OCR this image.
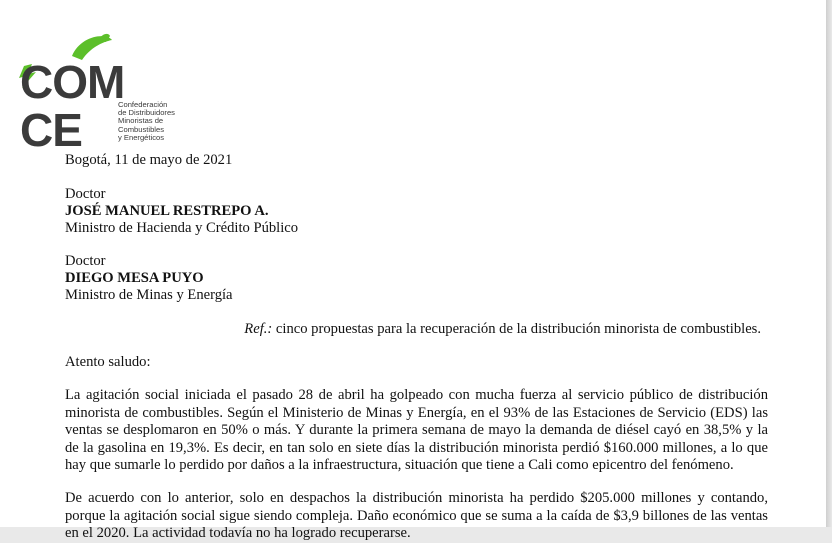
COM
CE	Confederación
de Distribuidores
Minoristas de
Combustibles
y Energéticos
Bogotá, 11 de mayo de 2021
Doctor
JOSÉ MANUEL RESTREPO A.
Ministro de Hacienda y Crédito Público
Doctor
DIEGO MESA PUYO
Ministro de Minas y Energía
Ref.: cinco propuestas para la recuperación de la distribución minorista de combustibles.
Atento saludo:
La agitación social iniciada el pasado 28 de abril ha golpeado con mucha fuerza al servicio público de distribución minorista de combustibles. Según el Ministerio de Minas y Energía, en el 93% de las Estaciones de Servicio (EDS) las ventas se desplomaron en 50% o más. Y durante la primera semana de mayo la demanda de diésel cayó en 38,5% y la de la gasolina en 19,3%. Es decir, en tan solo en siete días la distribución minorista perdió $160.000 millones, a lo que hay que sumarle lo perdido por daños a la infraestructura, situación que tiene a Cali como epicentro del fenómeno.
De acuerdo con lo anterior, solo en despachos la distribución minorista ha perdido $205.000 millones y contando, porque la agitación social sigue siendo compleja. Daño económico que se suma a la caída de $3,9 billones de las ventas en el 2020. La actividad todavía no ha logrado recuperarse.
